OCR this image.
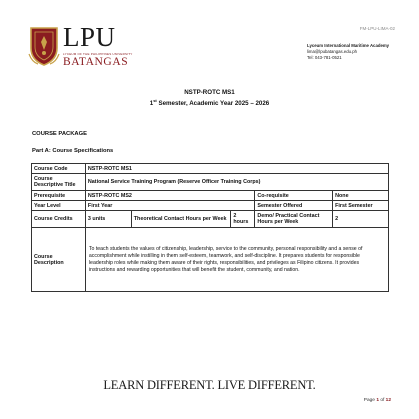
LPU
LYCEUM OF THE PHILIPPINES UNIVERSITY
BATANGAS
FM-LPU-LIMA-02
Lyceum International Maritime Academy
lima@lpubatangas.edu.ph
Tel: 043-781-0521
NSTP-ROTC MS1
1st Semester, Academic Year 2025 – 2026
COURSE PACKAGE
Part A: Course Specifications
Course Code	NSTP-ROTC MS1				
Course Descriptive Title	National Service Training Program (Reserve Officer Training Corps)				
Prerequisite	NSTP-ROTC MS2			Co-requisite	None
Year Level	First Year			Semester Offered	First Semester
Course Credits	3 units	Theoretical Contact Hours per Week	2 hours	Demo/ Practical Contact Hours per Week	2
Course Description	To teach students the values of citizenship, leadership, service to the community, personal responsibility and a sense of accomplishment while instilling in them self-esteem, teamwork, and self-discipline. It prepares students for responsible leadership roles while making them aware of their rights, responsibilities, and privileges as Filipino citizens. It provides instructions and rewarding opportunities that will benefit the student, community, and nation.				
LEARN DIFFERENT. LIVE DIFFERENT.
Page 1 of 12
